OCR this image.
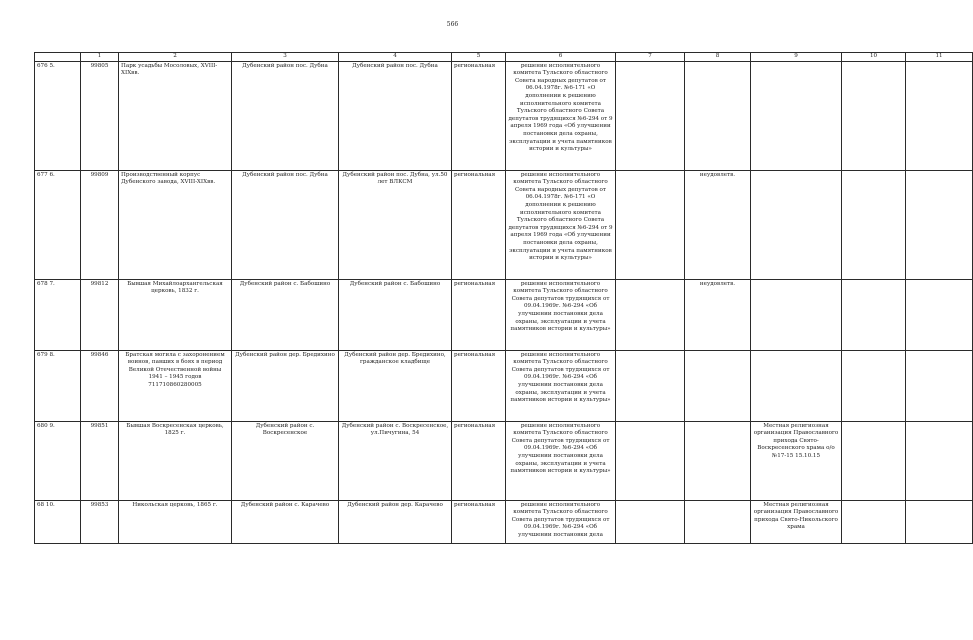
566
	1	2	3	4	5	6	7	8	9	10	11
676 5.	99805	Парк усадьбы Мосоловых, XVIII-XIXвв.	Дубенский район пос. Дубна	Дубенский район пос. Дубна	региональная	решение исполнительного комитета Тульского областного Совета народных депутатов от 06.04.1978г. №6-171 «О дополнении к решению исполнительного комитета Тульского областного Совета депутатов трудящихся №6-294 от 9 апреля 1969 года «Об улучшении постановки дела охраны, эксплуатации и учета памятников истории и культуры»					
677 6.	99809	Производственный корпус Дубенского завода, XVIII-XIXвв.	Дубенский район пос. Дубна	Дубенский район пос. Дубна, ул.50 лет ВЛКСМ	региональная	решение исполнительного комитета Тульского областного Совета народных депутатов от 06.04.1978г. №6-171 «О дополнении к решению исполнительного комитета Тульского областного Совета депутатов трудящихся №6-294 от 9 апреля 1969 года «Об улучшении постановки дела охраны, эксплуатации и учета памятников истории и культуры»		неудовлетв.			
678 7.	99812	Бывшая Михайлоархангельская церковь, 1832 г.	Дубенский район с. Бабошино	Дубенский район с. Бабошино	региональная	решение исполнительного комитета Тульского областного Совета депутатов трудящихся от 09.04.1969г. №6-294 «Об улучшении постановки дела охраны, эксплуатации и учета памятников истории и культуры»		неудовлетв.			
679 8.	99846	Братская могила с захоронением воинов, павших в боях в период Великой Отечественной войны 1941 – 1945 годов 711710860280005	Дубенский район дер. Бредихино	Дубенский район дер. Бредихино, гражданское кладбище	региональная	решение исполнительного комитета Тульского областного Совета депутатов трудящихся от 09.04.1969г. №6-294 «Об улучшении постановки дела охраны, эксплуатации и учета памятников истории и культуры»					
680 9.	99851	Бывшая Воскресенская церковь, 1825 г.	Дубенский район с. Воскресенское	Дубенский район с. Воскресенское, ул.Пичугина, 54	региональная	решение исполнительного комитета Тульского областного Совета депутатов трудящихся от 09.04.1969г. №6-294 «Об улучшении постановки дела охраны, эксплуатации и учета памятников истории и культуры»			Местная религиозная организация Православного прихода Свято-Воскресенского храма о/о №17-15 15.10.15		
68 10.	99853	Никольская церковь, 1865 г.	Дубенский район с. Карачево	Дубенский район дер. Карачево	региональная	решение исполнительного комитета Тульского областного Совета депутатов трудящихся от 09.04.1969г. №6-294 «Об улучшении постановки дела			Местная религиозная организация Православного прихода Свято-Никольского храма		
